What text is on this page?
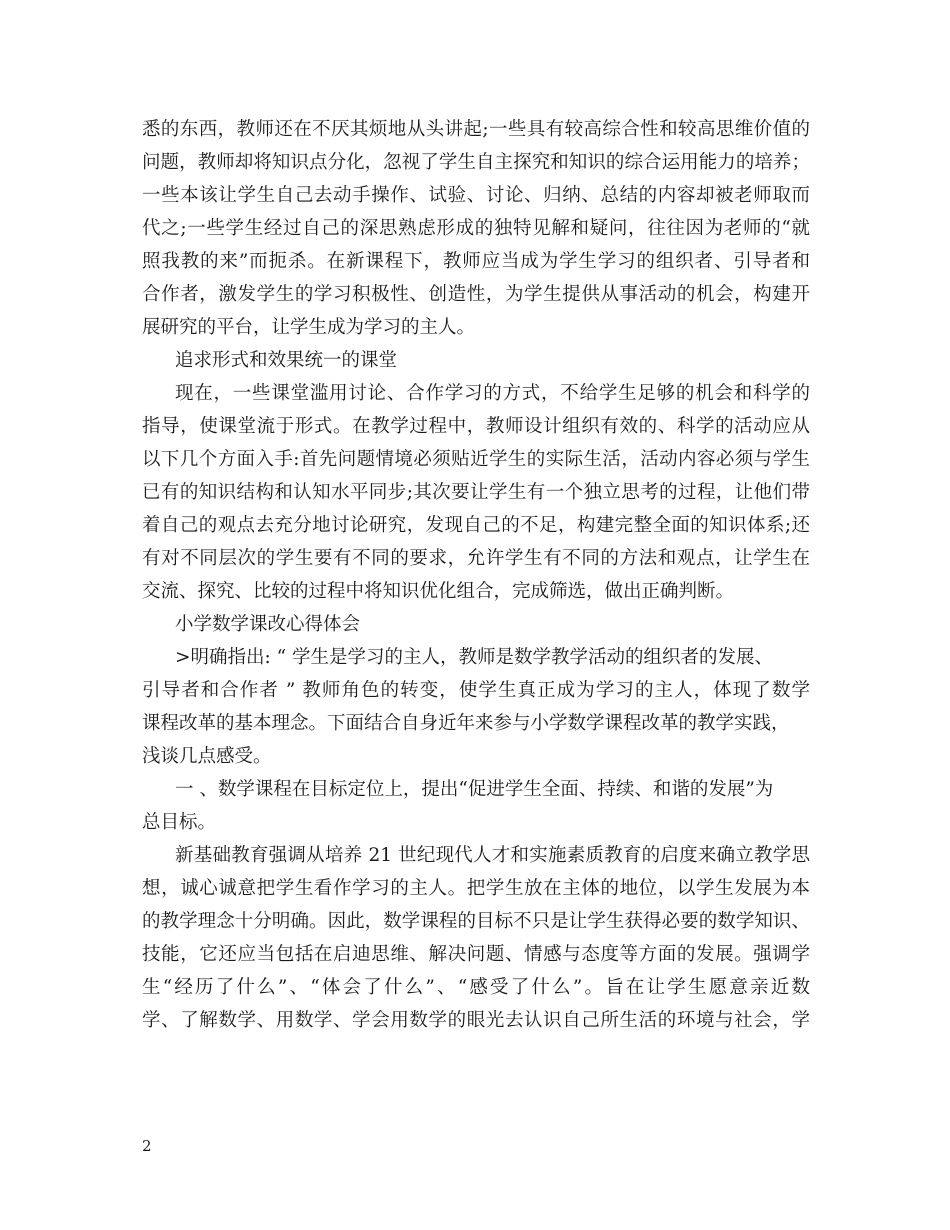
悉的东西，教师还在不厌其烦地从头讲起;一些具有较高综合性和较高思维价值的
问题，教师却将知识点分化，忽视了学生自主探究和知识的综合运用能力的培养；
一些本该让学生自己去动手操作、试验、讨论、归纳、总结的内容却被老师取而
代之;一些学生经过自己的深思熟虑形成的独特见解和疑问，往往因为老师的“就
照我教的来”而扼杀。在新课程下，教师应当成为学生学习的组织者、引导者和
合作者，激发学生的学习积极性、创造性，为学生提供从事活动的机会，构建开
展研究的平台，让学生成为学习的主人。
追求形式和效果统一的课堂
现在，一些课堂滥用讨论、合作学习的方式，不给学生足够的机会和科学的
指导，使课堂流于形式。在教学过程中，教师设计组织有效的、科学的活动应从
以下几个方面入手:首先问题情境必须贴近学生的实际生活，活动内容必须与学生
已有的知识结构和认知水平同步;其次要让学生有一个独立思考的过程，让他们带
着自己的观点去充分地讨论研究，发现自己的不足，构建完整全面的知识体系;还
有对不同层次的学生要有不同的要求，允许学生有不同的方法和观点，让学生在
交流、探究、比较的过程中将知识优化组合，完成筛选，做出正确判断。
小学数学课改心得体会
>明确指出: “ 学生是学习的主人，教师是数学教学活动的组织者的发展、
引导者和合作者 ” 教师角色的转变，使学生真正成为学习的主人，体现了数学
课程改革的基本理念。下面结合自身近年来参与小学数学课程改革的教学实践，
浅谈几点感受。
一 、数学课程在目标定位上，提出“促进学生全面、持续、和谐的发展”为
总目标。
新基础教育强调从培养 21 世纪现代人才和实施素质教育的启度来确立教学思
想，诚心诚意把学生看作学习的主人。把学生放在主体的地位，以学生发展为本
的教学理念十分明确。因此，数学课程的目标不只是让学生获得必要的数学知识、
技能，它还应当包括在启迪思维、解决问题、情感与态度等方面的发展。强调学
生“经历了什么”、“体会了什么”、“感受了什么”。旨在让学生愿意亲近数
学、了解数学、用数学、学会用数学的眼光去认识自己所生活的环境与社会，学
2
